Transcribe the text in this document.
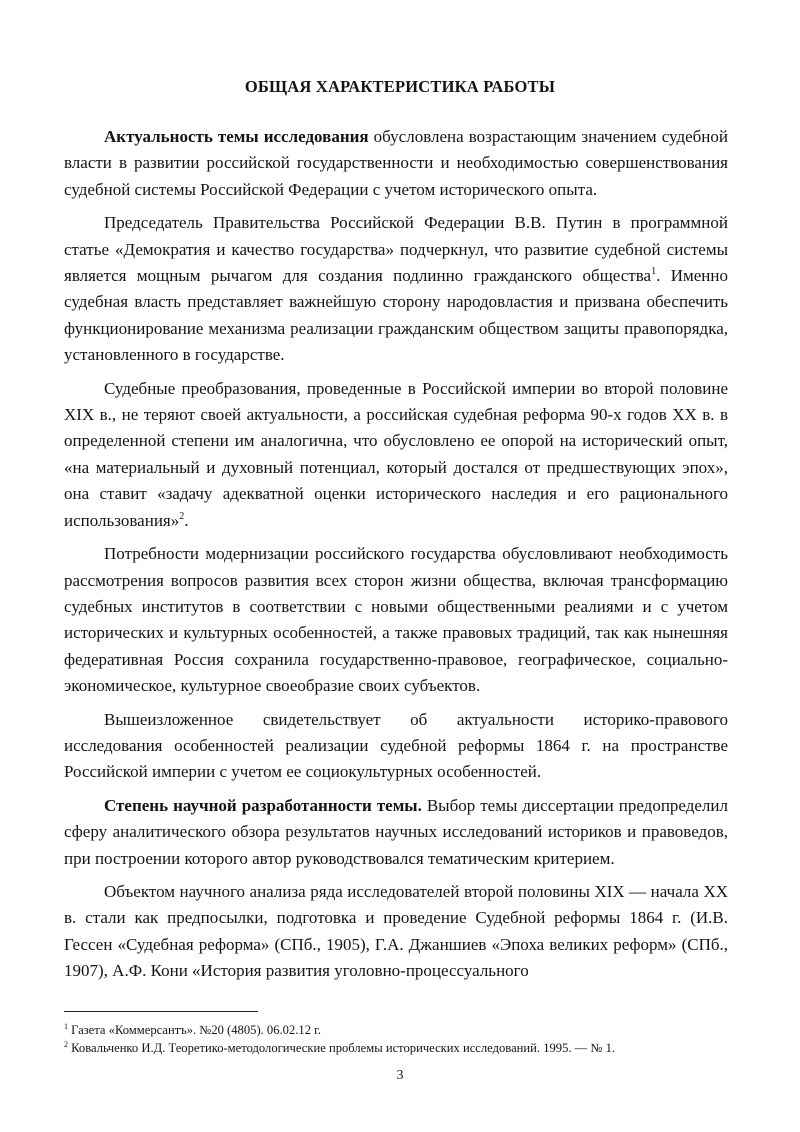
ОБЩАЯ ХАРАКТЕРИСТИКА РАБОТЫ

Актуальность темы исследования обусловлена возрастающим значением судебной власти в развитии российской государственности и необходимостью совершенствования судебной системы Российской Федерации с учетом исторического опыта.

Председатель Правительства Российской Федерации В.В. Путин в программной статье «Демократия и качество государства» подчеркнул, что развитие судебной системы является мощным рычагом для создания подлинно гражданского общества$^1$. Именно судебная власть представляет важнейшую сторону народовластия и призвана обеспечить функционирование механизма реализации гражданским обществом защиты правопорядка, установленного в государстве.

Судебные преобразования, проведенные в Российской империи во второй половине XIX в., не теряют своей актуальности, а российская судебная реформа 90-х годов XX в. в определенной степени им аналогична, что обусловлено ее опорой на исторический опыт, «на материальный и духовный потенциал, который достался от предшествующих эпох», она ставит «задачу адекватной оценки исторического наследия и его рационального использования»$^2$.

Потребности модернизации российского государства обусловливают необходимость рассмотрения вопросов развития всех сторон жизни общества, включая трансформацию судебных институтов в соответствии с новыми общественными реалиями и с учетом исторических и культурных особенностей, а также правовых традиций, так как нынешняя федеративная Россия сохранила государственно-правовое, географическое, социально-экономическое, культурное своеобразие своих субъектов.

Вышеизложенное свидетельствует об актуальности историко-правового исследования особенностей реализации судебной реформы 1864 г. на пространстве Российской империи с учетом ее социокультурных особенностей.

Степень научной разработанности темы. Выбор темы диссертации предопределил сферу аналитического обзора результатов научных исследований историков и правоведов, при построении которого автор руководствовался тематическим критерием.

Объектом научного анализа ряда исследователей второй половины XIX — начала XX в. стали как предпосылки, подготовка и проведение Судебной реформы 1864 г. (И.В. Гессен «Судебная реформа» (СПб., 1905), Г.А. Джаншиев «Эпоха великих реформ» (СПб., 1907), А.Ф. Кони «История развития уголовно-процессуального

$^1$ Газета «Коммерсантъ». №20 (4805). 06.02.12 г.

$^2$ Ковальченко И.Д. Теоретико-методологические проблемы исторических исследований. 1995. — № 1.

3
